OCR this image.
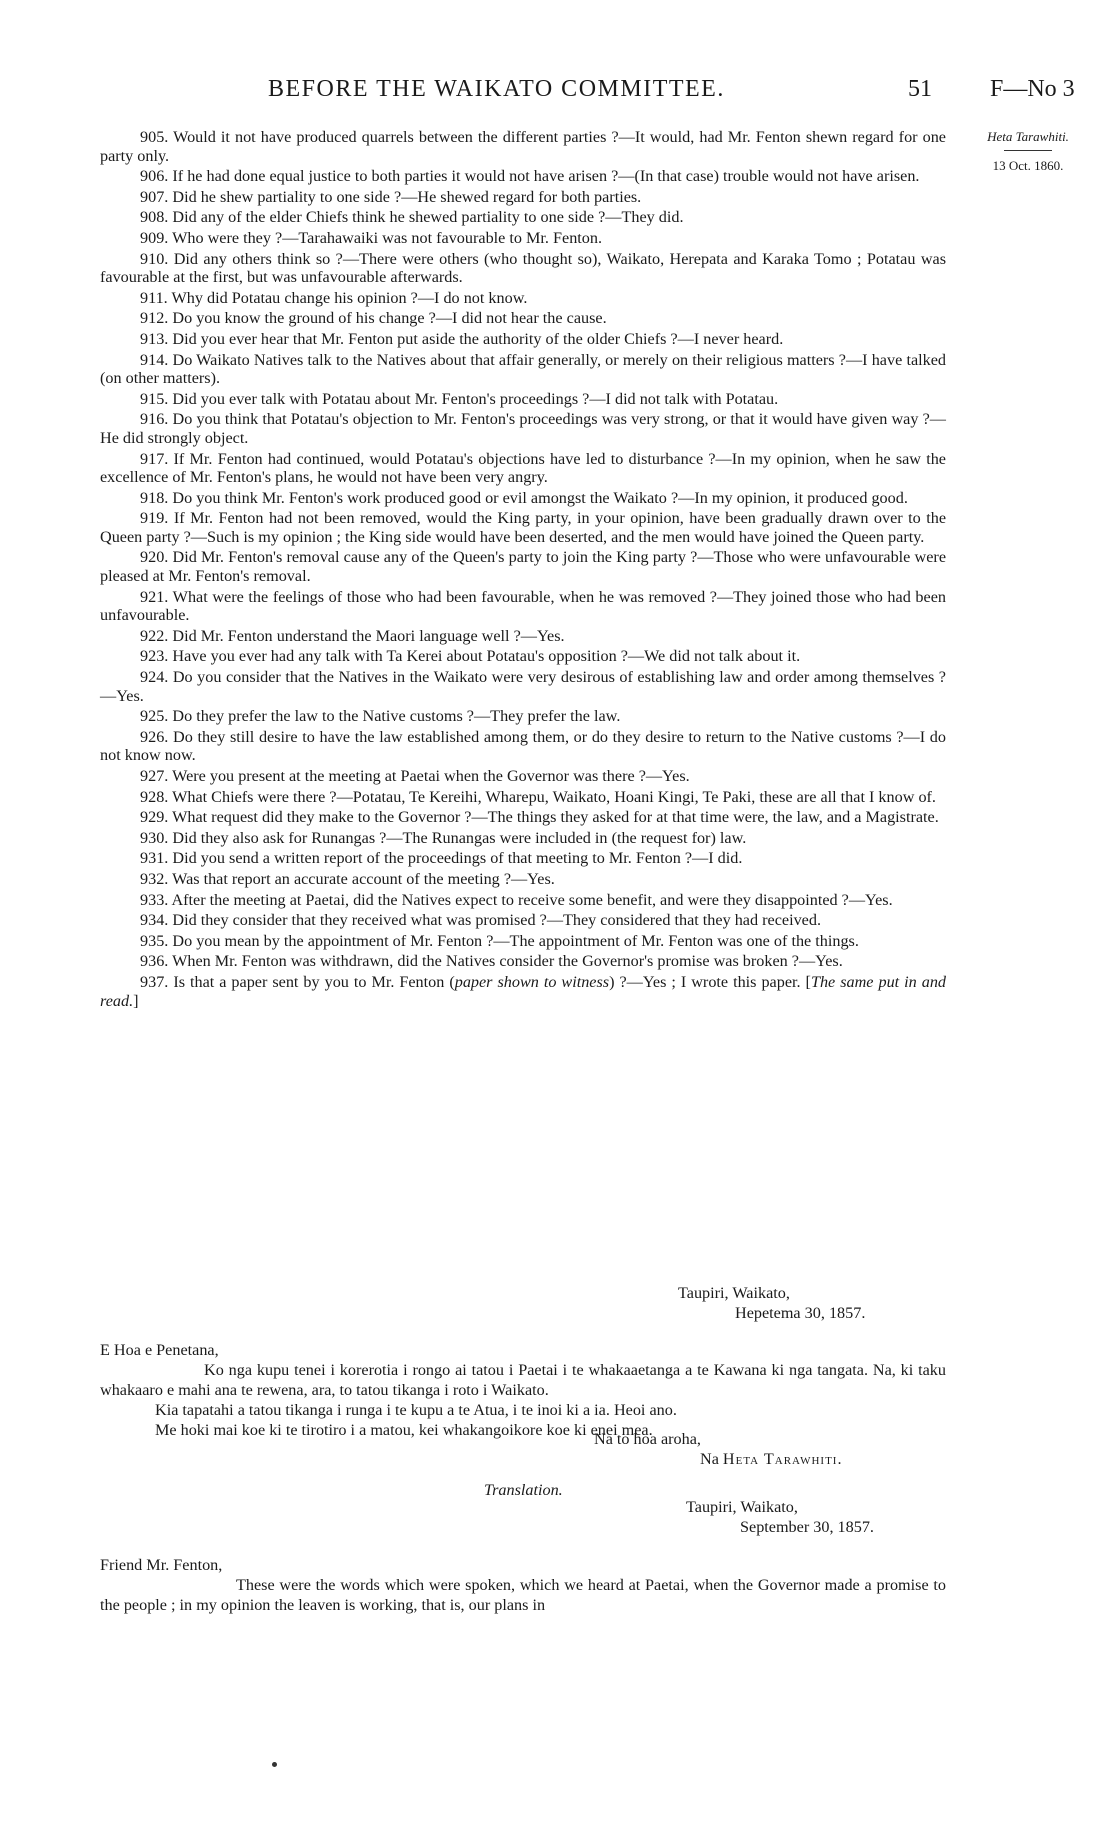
BEFORE THE WAIKATO COMMITTEE.	51 F—No 3
Heta Tarawhiti.
13 Oct. 1860.

905. Would it not have produced quarrels between the different parties ?—It would, had Mr. Fenton shewn regard for one party only.

906. If he had done equal justice to both parties it would not have arisen ?—(In that case) trouble would not have arisen.

907. Did he shew partiality to one side ?—He shewed regard for both parties.

908. Did any of the elder Chiefs think he shewed partiality to one side ?—They did.

909. Who were they ?—Tarahawaiki was not favourable to Mr. Fenton.

910. Did any others think so ?—There were others (who thought so), Waikato, Herepata and Karaka Tomo ; Potatau was favourable at the first, but was unfavourable afterwards.

911. Why did Potatau change his opinion ?—I do not know.

912. Do you know the ground of his change ?—I did not hear the cause.

913. Did you ever hear that Mr. Fenton put aside the authority of the older Chiefs ?—I never heard.

914. Do Waikato Natives talk to the Natives about that affair generally, or merely on their religious matters ?—I have talked (on other matters).

915. Did you ever talk with Potatau about Mr. Fenton's proceedings ?—I did not talk with Potatau.

916. Do you think that Potatau's objection to Mr. Fenton's proceedings was very strong, or that it would have given way ?—He did strongly object.

917. If Mr. Fenton had continued, would Potatau's objections have led to disturbance ?—In my opinion, when he saw the excellence of Mr. Fenton's plans, he would not have been very angry.

918. Do you think Mr. Fenton's work produced good or evil amongst the Waikato ?—In my opinion, it produced good.

919. If Mr. Fenton had not been removed, would the King party, in your opinion, have been gradually drawn over to the Queen party ?—Such is my opinion ; the King side would have been deserted, and the men would have joined the Queen party.

920. Did Mr. Fenton's removal cause any of the Queen's party to join the King party ?—Those who were unfavourable were pleased at Mr. Fenton's removal.

921. What were the feelings of those who had been favourable, when he was removed ?—They joined those who had been unfavourable.

922. Did Mr. Fenton understand the Maori language well ?—Yes.

923. Have you ever had any talk with Ta Kerei about Potatau's opposition ?—We did not talk about it.

924. Do you consider that the Natives in the Waikato were very desirous of establishing law and order among themselves ?—Yes.

925. Do they prefer the law to the Native customs ?—They prefer the law.

926. Do they still desire to have the law established among them, or do they desire to return to the Native customs ?—I do not know now.

927. Were you present at the meeting at Paetai when the Governor was there ?—Yes.

928. What Chiefs were there ?—Potatau, Te Kereihi, Wharepu, Waikato, Hoani Kingi, Te Paki, these are all that I know of.

929. What request did they make to the Governor ?—The things they asked for at that time were, the law, and a Magistrate.

930. Did they also ask for Runangas ?—The Runangas were included in (the request for) law.

931. Did you send a written report of the proceedings of that meeting to Mr. Fenton ?—I did.

932. Was that report an accurate account of the meeting ?—Yes.

933. After the meeting at Paetai, did the Natives expect to receive some benefit, and were they disappointed ?—Yes.

934. Did they consider that they received what was promised ?—They considered that they had received.

935. Do you mean by the appointment of Mr. Fenton ?—The appointment of Mr. Fenton was one of the things.

936. When Mr. Fenton was withdrawn, did the Natives consider the Governor's promise was broken ?—Yes.

937. Is that a paper sent by you to Mr. Fenton (paper shown to witness) ?—Yes ; I wrote this paper. [The same put in and read.]

Taupiri, Waikato,
Hepetema 30, 1857.
E Hoa e Penetana,

Ko nga kupu tenei i korerotia i rongo ai tatou i Paetai i te whakaaetanga a te Kawana ki nga tangata. Na, ki taku whakaaro e mahi ana te rewena, ara, to tatou tikanga i roto i Waikato.

Kia tapatahi a tatou tikanga i runga i te kupu a te Atua, i te inoi ki a ia. Heoi ano.

Me hoki mai koe ki te tirotiro i a matou, kei whakangoikore koe ki enei mea.

Na to hoa aroha,
Na Heta Tarawhiti.
Translation.
Taupiri, Waikato,
September 30, 1857.
Friend Mr. Fenton,

These were the words which were spoken, which we heard at Paetai, when the Governor made a promise to the people ; in my opinion the leaven is working, that is, our plans in
